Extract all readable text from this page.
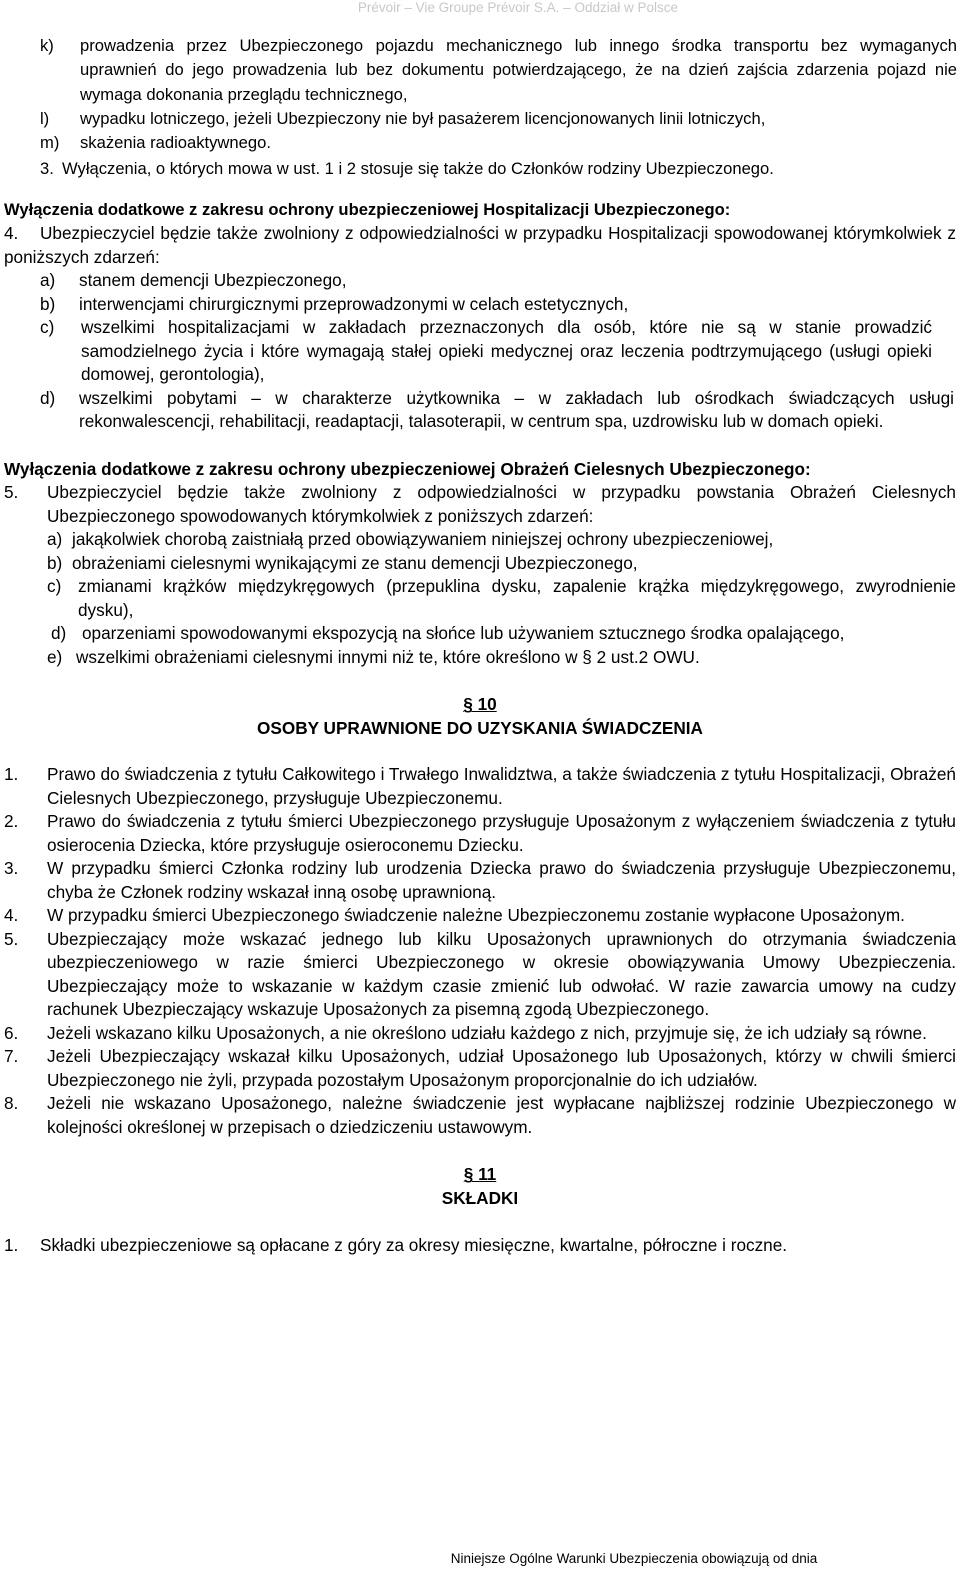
Prévoir – Vie Groupe Prévoir S.A. – Oddział w Polsce
k) prowadzenia przez Ubezpieczonego pojazdu mechanicznego lub innego środka transportu bez wymaganych uprawnień do jego prowadzenia lub bez dokumentu potwierdzającego, że na dzień zajścia zdarzenia pojazd nie wymaga dokonania przeglądu technicznego,

l) wypadku lotniczego, jeżeli Ubezpieczony nie był pasażerem licencjonowanych linii lotniczych,

m) skażenia radioaktywnego.

3. Wyłączenia, o których mowa w ust. 1 i 2 stosuje się także do Członków rodziny Ubezpieczonego.

Wyłączenia dodatkowe z zakresu ochrony ubezpieczeniowej Hospitalizacji Ubezpieczonego:

4.	Ubezpieczyciel będzie także zwolniony z odpowiedzialności w przypadku Hospitalizacji spowodowanej którymkolwiek z poniższych zdarzeń:

a) stanem demencji Ubezpieczonego,

b) interwencjami chirurgicznymi przeprowadzonymi w celach estetycznych,

c) wszelkimi hospitalizacjami w zakładach przeznaczonych dla osób, które nie są w stanie prowadzić samodzielnego życia i które wymagają stałej opieki medycznej oraz leczenia podtrzymującego (usługi opieki domowej, gerontologia),

d) wszelkimi pobytami – w charakterze użytkownika – w zakładach lub ośrodkach świadczących usługi rekonwalescencji, rehabilitacji, readaptacji, talasoterapii, w centrum spa, uzdrowisku lub w domach opieki.

Wyłączenia dodatkowe z zakresu ochrony ubezpieczeniowej Obrażeń Cielesnych Ubezpieczonego:

5. Ubezpieczyciel będzie także zwolniony z odpowiedzialności w przypadku powstania Obrażeń Cielesnych Ubezpieczonego spowodowanych którymkolwiek z poniższych zdarzeń:

a) jakąkolwiek chorobą zaistniałą przed obowiązywaniem niniejszej ochrony ubezpieczeniowej,

b) obrażeniami cielesnymi wynikającymi ze stanu demencji Ubezpieczonego,

c) zmianami krążków międzykręgowych (przepuklina dysku, zapalenie krążka międzykręgowego, zwyrodnienie dysku),

d) oparzeniami spowodowanymi ekspozycją na słońce lub używaniem sztucznego środka opalającego,

e) wszelkimi obrażeniami cielesnymi innymi niż te, które określono w § 2 ust.2 OWU.

§ 10

OSOBY UPRAWNIONE DO UZYSKANIA ŚWIADCZENIA

1. Prawo do świadczenia z tytułu Całkowitego i Trwałego Inwalidztwa, a także świadczenia z tytułu Hospitalizacji, Obrażeń Cielesnych Ubezpieczonego, przysługuje Ubezpieczonemu.

2. Prawo do świadczenia z tytułu śmierci Ubezpieczonego przysługuje Uposażonym z wyłączeniem świadczenia z tytułu osierocenia Dziecka, które przysługuje osieroconemu Dziecku.

3. W przypadku śmierci Członka rodziny lub urodzenia Dziecka prawo do świadczenia przysługuje Ubezpieczonemu, chyba że Członek rodziny wskazał inną osobę uprawnioną.

4. W przypadku śmierci Ubezpieczonego świadczenie należne Ubezpieczonemu zostanie wypłacone Uposażonym.

5. Ubezpieczający może wskazać jednego lub kilku Uposażonych uprawnionych do otrzymania świadczenia ubezpieczeniowego w razie śmierci Ubezpieczonego w okresie obowiązywania Umowy Ubezpieczenia. Ubezpieczający może to wskazanie w każdym czasie zmienić lub odwołać. W razie zawarcia umowy na cudzy rachunek Ubezpieczający wskazuje Uposażonych za pisemną zgodą Ubezpieczonego.

6. Jeżeli wskazano kilku Uposażonych, a nie określono udziału każdego z nich, przyjmuje się, że ich udziały są równe.

7. Jeżeli Ubezpieczający wskazał kilku Uposażonych, udział Uposażonego lub Uposażonych, którzy w chwili śmierci Ubezpieczonego nie żyli, przypada pozostałym Uposażonym proporcjonalnie do ich udziałów.

8. Jeżeli nie wskazano Uposażonego, należne świadczenie jest wypłacane najbliższej rodzinie Ubezpieczonego w kolejności określonej w przepisach o dziedziczeniu ustawowym.

§ 11

SKŁADKI

1. Składki ubezpieczeniowe są opłacane z góry za okresy miesięczne, kwartalne, półroczne i roczne.

Niniejsze Ogólne Warunki Ubezpieczenia obowiązują od dnia
